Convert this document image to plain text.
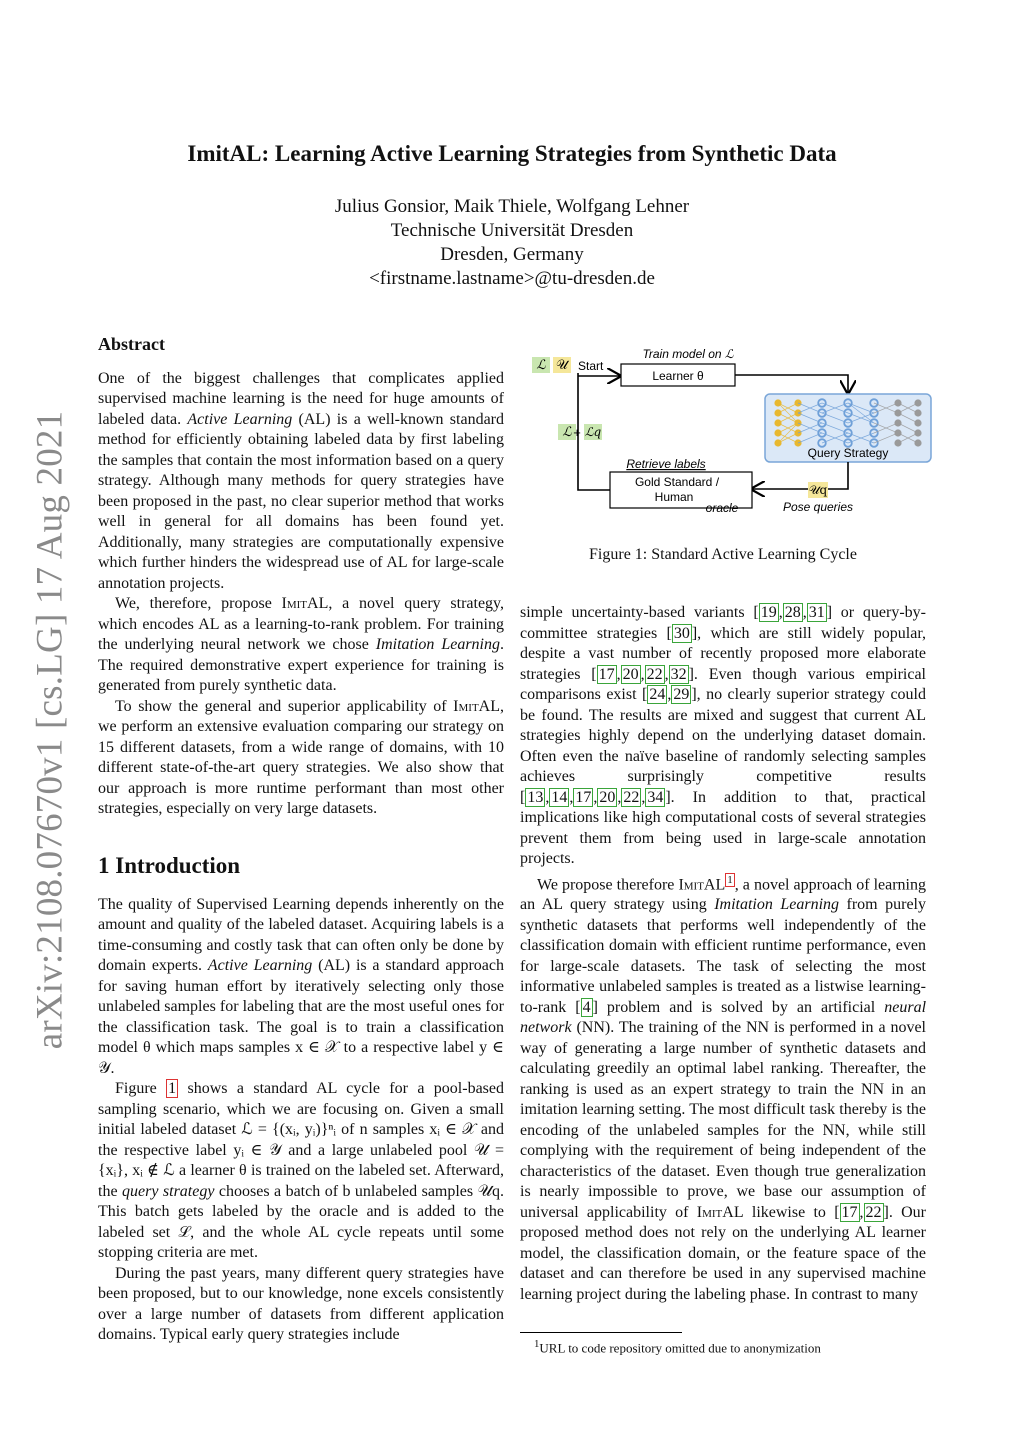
arXiv:2108.07670v1 [cs.LG] 17 Aug 2021
ImitAL: Learning Active Learning Strategies from Synthetic Data
Julius Gonsior, Maik Thiele, Wolfgang Lehner
Technische Universität Dresden
Dresden, Germany
<firstname.lastname>@tu-dresden.de
Abstract

One of the biggest challenges that complicates applied supervised machine learning is the need for huge amounts of labeled data. Active Learning (AL) is a well-known standard method for efficiently obtaining labeled data by first labeling the samples that contain the most information based on a query strategy. Although many methods for query strategies have been proposed in the past, no clear superior method that works well in general for all domains has been found yet. Additionally, many strategies are computationally expensive which further hinders the widespread use of AL for large-scale annotation projects.

We, therefore, propose ImitAL, a novel query strategy, which encodes AL as a learning-to-rank problem. For training the underlying neural network we chose Imitation Learning. The required demonstrative expert experience for training is generated from purely synthetic data.

To show the general and superior applicability of ImitAL, we perform an extensive evaluation comparing our strategy on 15 different datasets, from a wide range of domains, with 10 different state-of-the-art query strategies. We also show that our approach is more runtime performant than most other strategies, especially on very large datasets.

1 Introduction

The quality of Supervised Learning depends inherently on the amount and quality of the labeled dataset. Acquiring labels is a time-consuming and costly task that can often only be done by domain experts. Active Learning (AL) is a standard approach for saving human effort by iteratively selecting only those unlabeled samples for labeling that are the most useful ones for the classification task. The goal is to train a classification model θ which maps samples x ∈ 𝒳 to a respective label y ∈ 𝒴.

Figure 1 shows a standard AL cycle for a pool-based sampling scenario, which we are focusing on. Given a small initial labeled dataset ℒ = {(xᵢ, yᵢ)}ⁿᵢ of n samples xᵢ ∈ 𝒳 and the respective label yᵢ ∈ 𝒴 and a large unlabeled pool 𝒰 = {xᵢ}, xᵢ ∉ ℒ a learner θ is trained on the labeled set. Afterward, the query strategy chooses a batch of b unlabeled samples 𝒰q. This batch gets labeled by the oracle and is added to the labeled set ℒ, and the whole AL cycle repeats until some stopping criteria are met.

During the past years, many different query strategies have been proposed, but to our knowledge, none excels consistently over a large number of datasets from different application domains. Typical early query strategies include

ℒ 𝒰 Start
Train model on ℒ
Learner θ
Query Strategy
𝒰q
Pose queries
ℒ + ℒq
Retrieve labels
Gold Standard /
Human
oracle
Figure 1: Standard Active Learning Cycle

simple uncertainty-based variants [ 19 , 28 , 31 ] or query-by-committee strategies [ 30 ], which are still widely popular, despite a vast number of recently proposed more elaborate strategies [ 17 , 20 , 22 , 32 ]. Even though various empirical comparisons exist [ 24 , 29 ], no clearly superior strategy could be found. The results are mixed and suggest that current AL strategies highly depend on the underlying dataset domain. Often even the naïve baseline of randomly selecting samples achieves surprisingly competitive results [ 13 , 14 , 17 , 20 , 22 , 34 ]. In addition to that, practical implications like high computational costs of several strategies prevent them from being used in large-scale annotation projects.

We propose therefore ImitAL $^1$ , a novel approach of learning an AL query strategy using Imitation Learning from purely synthetic datasets that performs well independently of the classification domain with efficient runtime performance, even for large-scale datasets. The task of selecting the most informative unlabeled samples is treated as a listwise learning-to-rank [ 4 ] problem and is solved by an artificial neural network (NN). The training of the NN is performed in a novel way of generating a large number of synthetic datasets and calculating greedily an optimal label ranking. Thereafter, the ranking is used as an expert strategy to train the NN in an imitation learning setting. The most difficult task thereby is the encoding of the unlabeled samples for the NN, while still complying with the requirement of being independent of the characteristics of the dataset. Even though true generalization is nearly impossible to prove, we base our assumption of universal applicability of ImitAL likewise to [ 17 , 22 ]. Our proposed method does not rely on the underlying AL learner model, the classification domain, or the feature space of the dataset and can therefore be used in any supervised machine learning project during the labeling phase. In contrast to many

$^1$URL to code repository omitted due to anonymization
